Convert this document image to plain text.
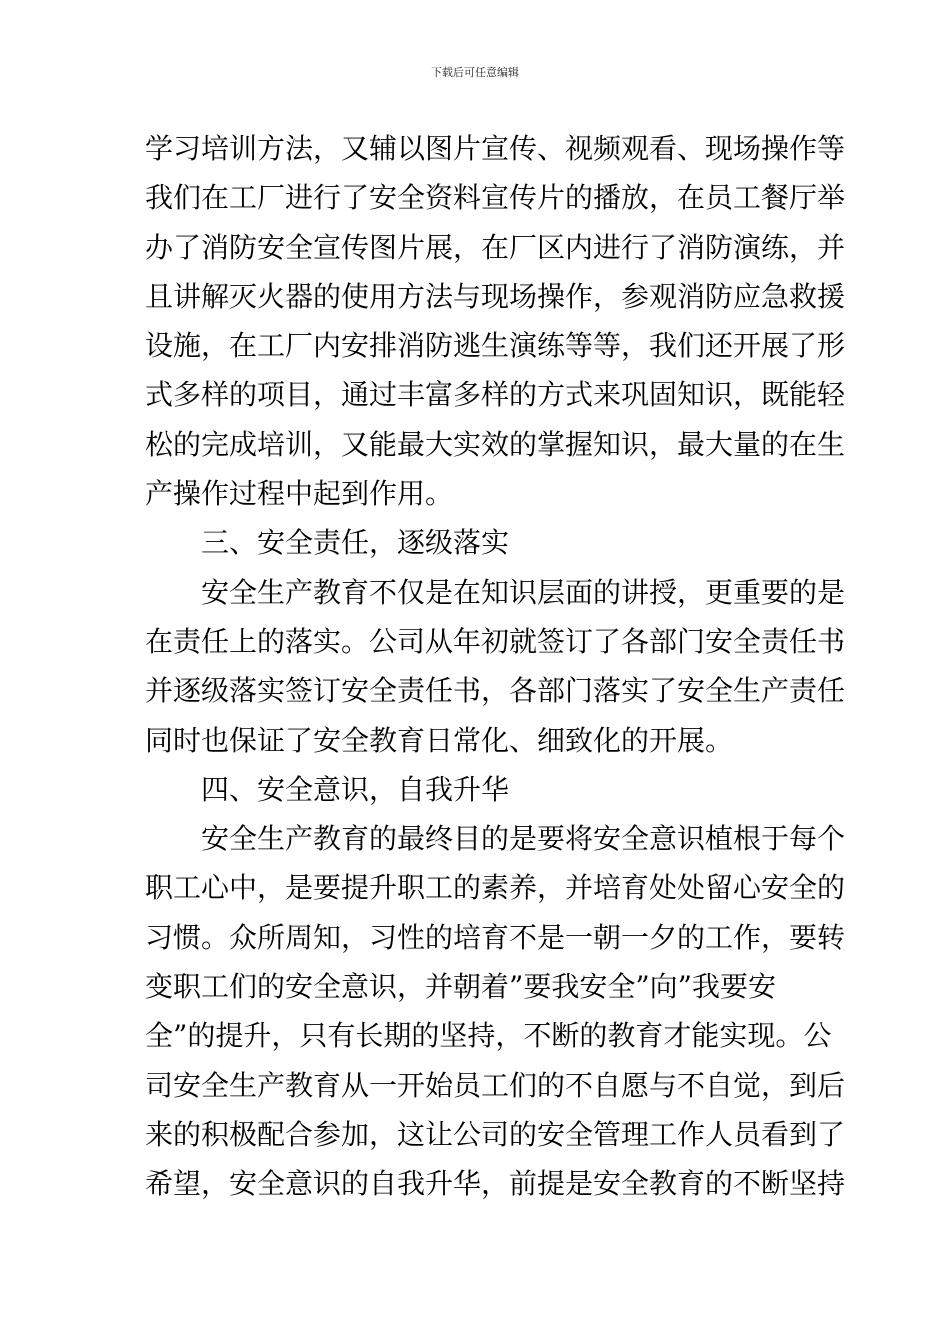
下载后可任意编辑
学习培训方法，又辅以图片宣传、视频观看、现场操作等
我们在工厂进行了安全资料宣传片的播放，在员工餐厅举
办了消防安全宣传图片展，在厂区内进行了消防演练，并
且讲解灭火器的使用方法与现场操作，参观消防应急救援
设施，在工厂内安排消防逃生演练等等，我们还开展了形
式多样的项目，通过丰富多样的方式来巩固知识，既能轻
松的完成培训，又能最大实效的掌握知识，最大量的在生
产操作过程中起到作用。
三、安全责任，逐级落实
安全生产教育不仅是在知识层面的讲授，更重要的是
在责任上的落实。公司从年初就签订了各部门安全责任书
并逐级落实签订安全责任书，各部门落实了安全生产责任
同时也保证了安全教育日常化、细致化的开展。
四、安全意识，自我升华
安全生产教育的最终目的是要将安全意识植根于每个
职工心中，是要提升职工的素养，并培育处处留心安全的
习惯。众所周知，习性的培育不是一朝一夕的工作，要转
变职工们的安全意识，并朝着”要我安全”向”我要安
全”的提升，只有长期的坚持，不断的教育才能实现。公
司安全生产教育从一开始员工们的不自愿与不自觉，到后
来的积极配合参加，这让公司的安全管理工作人员看到了
希望，安全意识的自我升华，前提是安全教育的不断坚持
